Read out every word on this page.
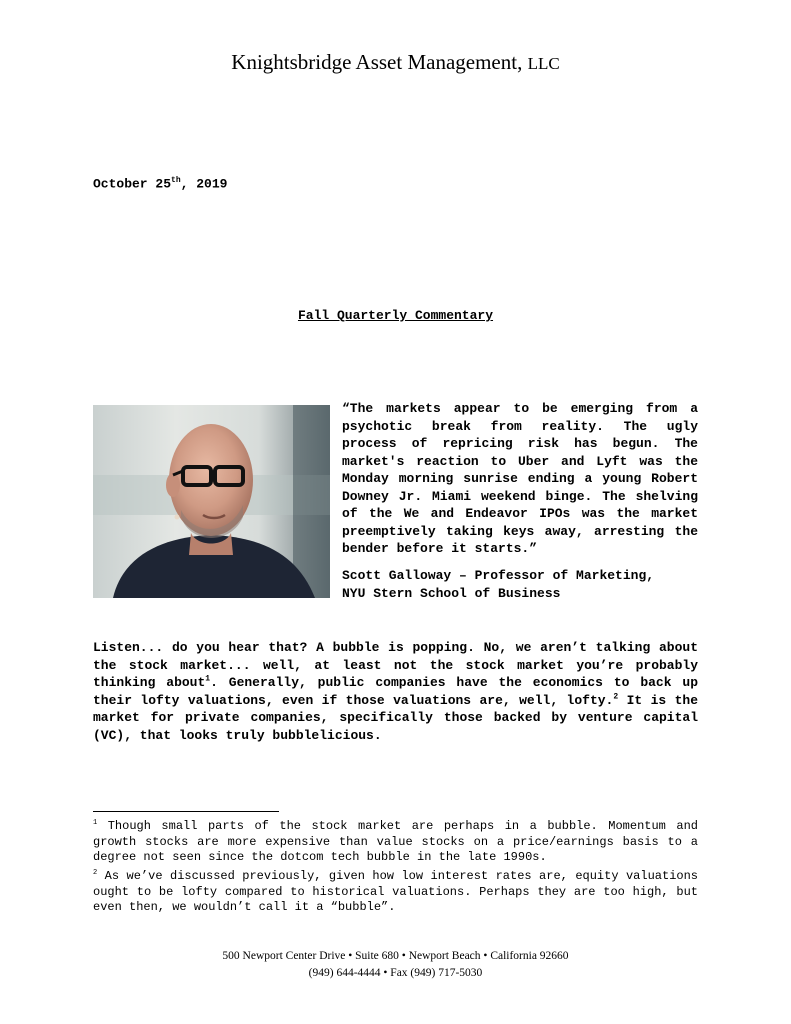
Knightsbridge Asset Management, LLC
October 25th, 2019
Fall Quarterly Commentary

“The markets appear to be emerging from a psychotic break from reality. The ugly process of repricing risk has begun. The market's reaction to Uber and Lyft was the Monday morning sunrise ending a young Robert Downey Jr. Miami weekend binge. The shelving of the We and Endeavor IPOs was the market preemptively taking keys away, arresting the bender before it starts.”

Scott Galloway – Professor of Marketing,
NYU Stern School of Business

Listen... do you hear that? A bubble is popping. No, we aren’t talking about the stock market... well, at least not the stock market you’re probably thinking about$^1$. Generally, public companies have the economics to back up their lofty valuations, even if those valuations are, well, lofty.$^2$ It is the market for private companies, specifically those backed by venture capital (VC), that looks truly bubblelicious.

$^1$ Though small parts of the stock market are perhaps in a bubble. Momentum and growth stocks are more expensive than value stocks on a price/earnings basis to a degree not seen since the dotcom tech bubble in the late 1990s.

$^2$ As we’ve discussed previously, given how low interest rates are, equity valuations ought to be lofty compared to historical valuations. Perhaps they are too high, but even then, we wouldn’t call it a “bubble”.

500 Newport Center Drive • Suite 680 • Newport Beach • California 92660
(949) 644-4444 • Fax (949) 717-5030
